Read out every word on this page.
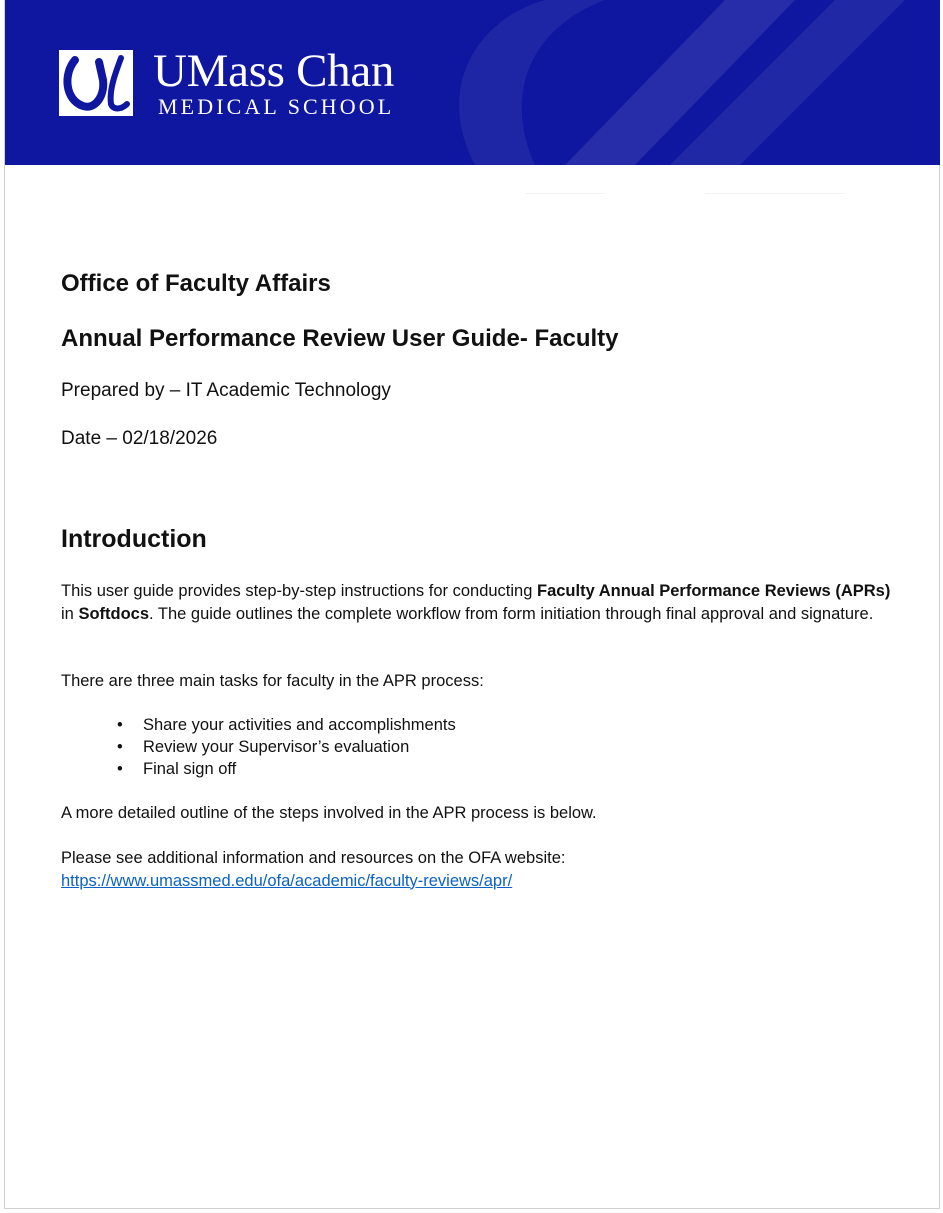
UMass Chan
MEDICAL SCHOOL
Office of Faculty Affairs
Annual Performance Review User Guide- Faculty
Prepared by – IT Academic Technology
Date – 02/18/2026
Introduction
This user guide provides step-by-step instructions for conducting Faculty Annual Performance Reviews (APRs) in Softdocs. The guide outlines the complete workflow from form initiation through final approval and signature.
There are three main tasks for faculty in the APR process:
• Share your activities and accomplishments
• Review your Supervisor’s evaluation
• Final sign off
A more detailed outline of the steps involved in the APR process is below.
Please see additional information and resources on the OFA website:
https://www.umassmed.edu/ofa/academic/faculty-reviews/apr/
